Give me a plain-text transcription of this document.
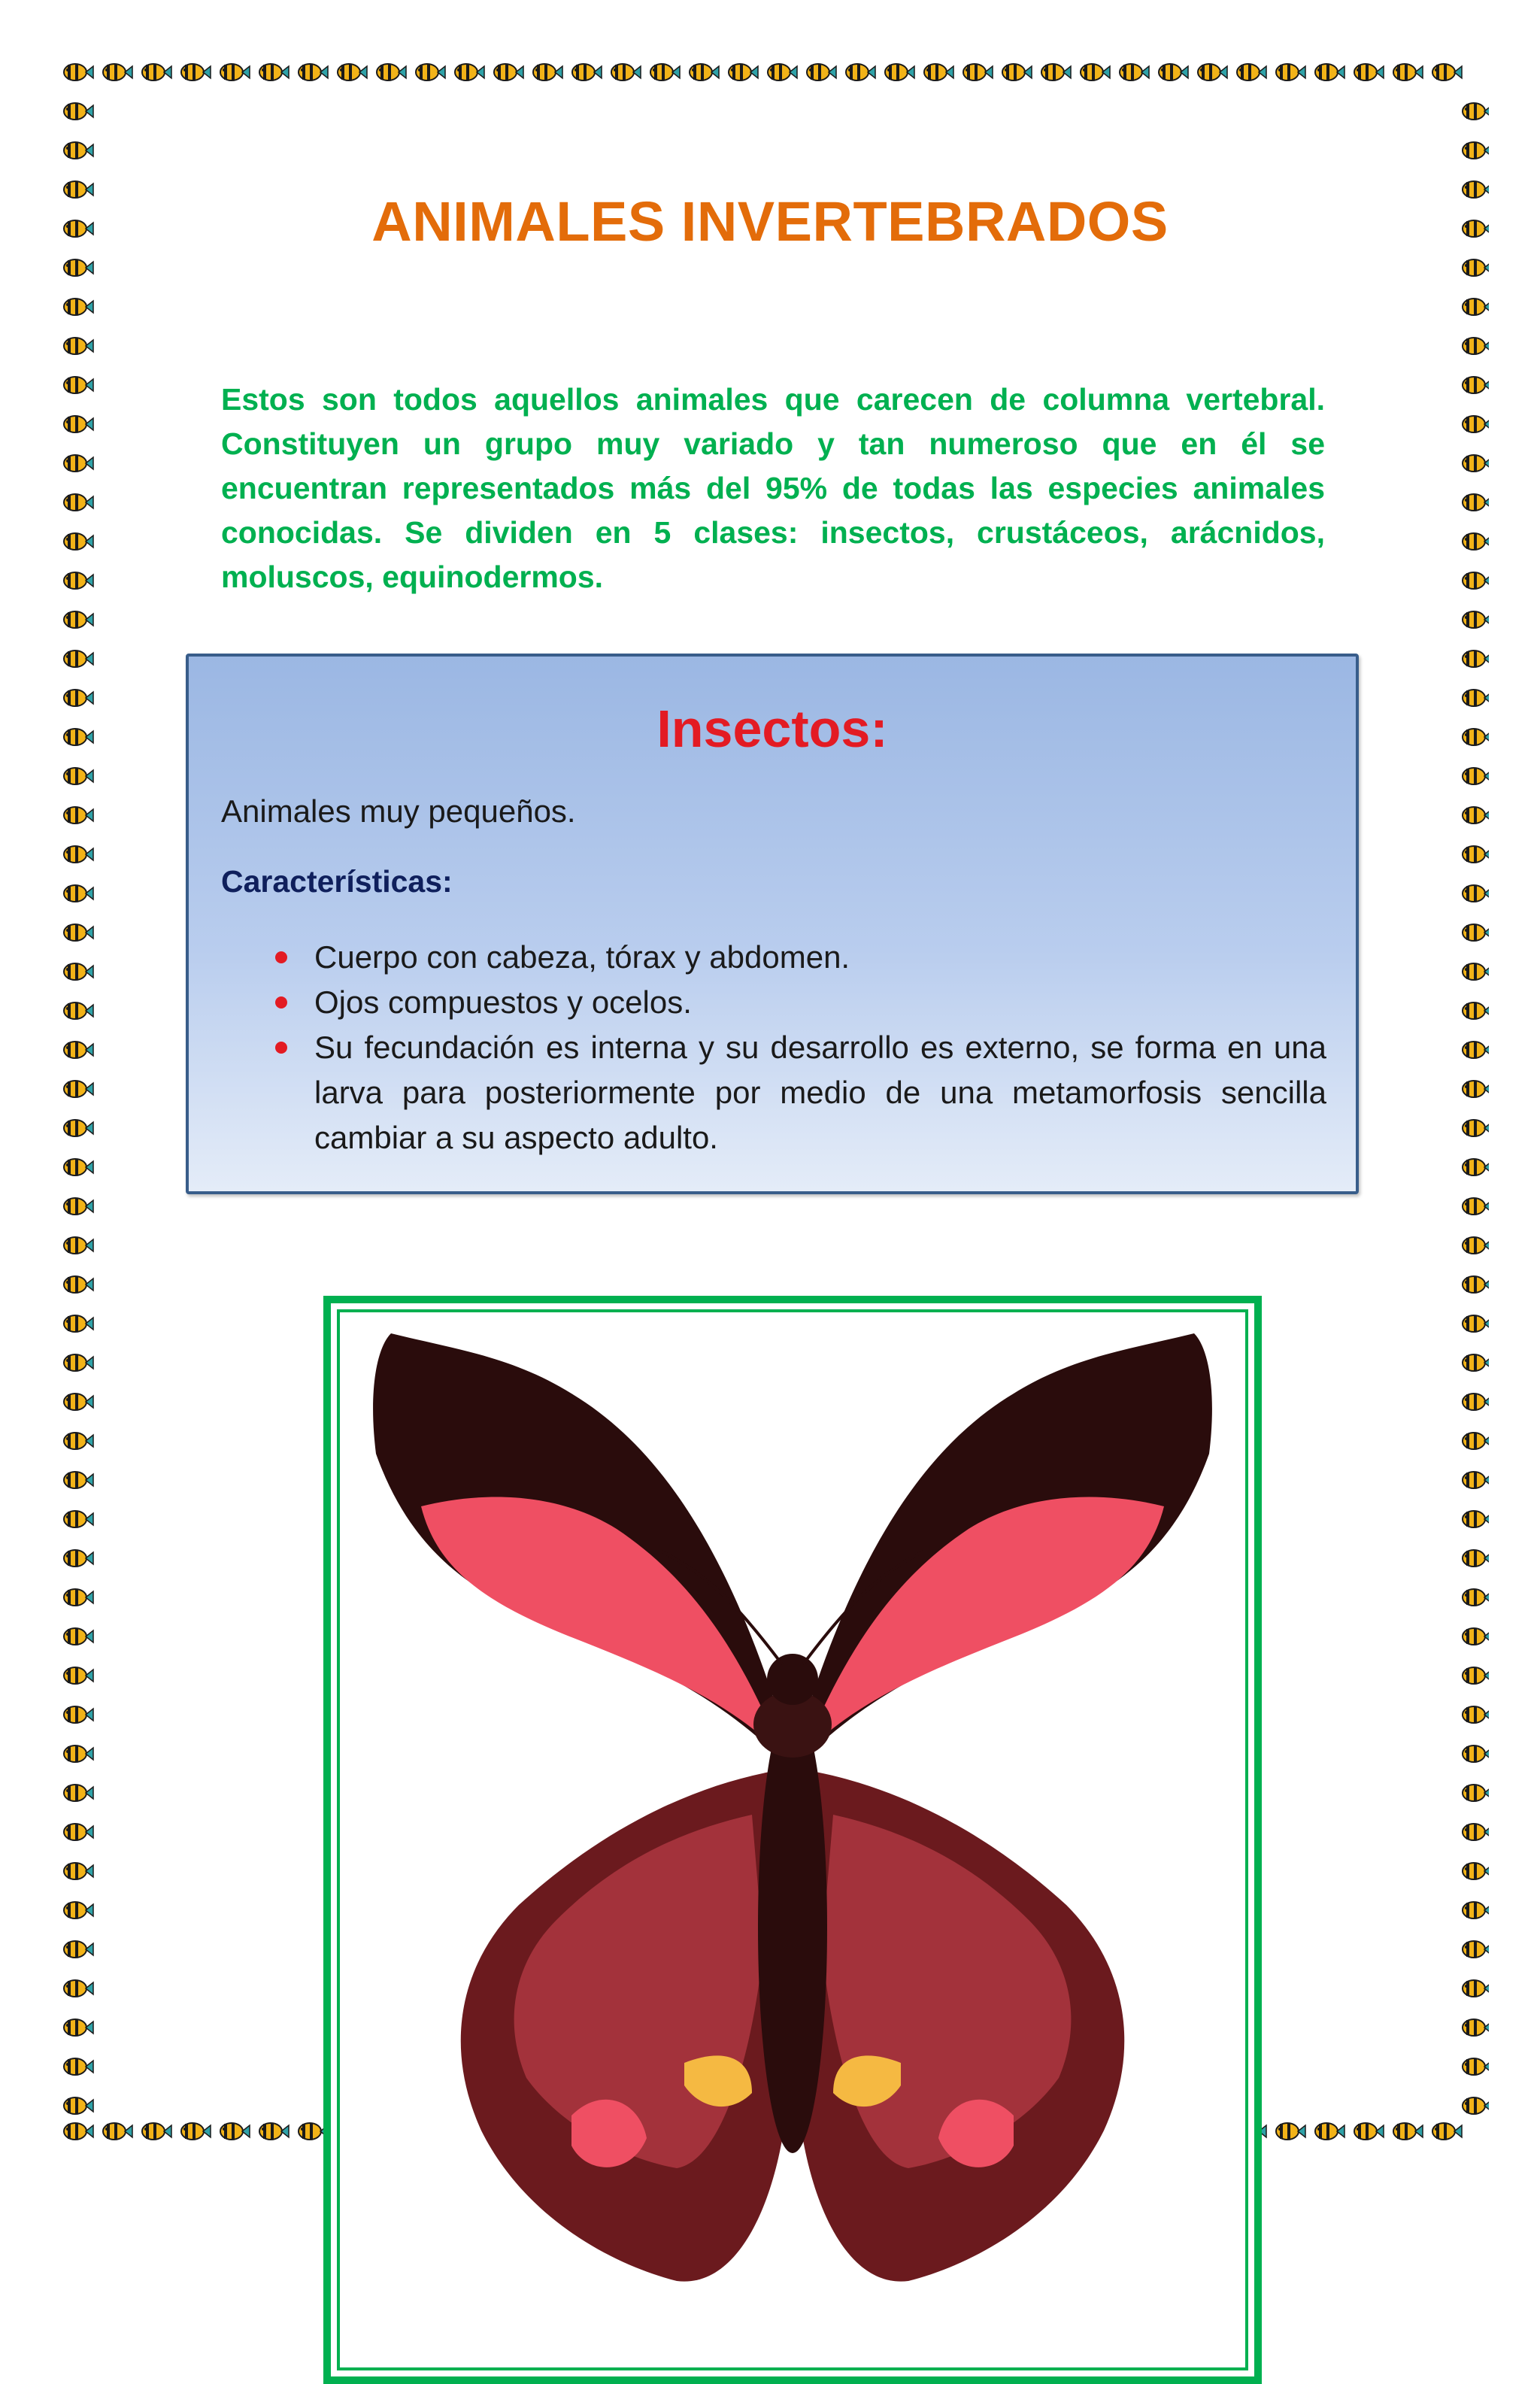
ANIMALES INVERTEBRADOS
Estos son todos aquellos animales que carecen de columna vertebral. Constituyen un grupo muy variado y tan numeroso que en él se encuentran representados más del 95% de todas las especies animales conocidas. Se dividen en 5 clases: insectos, crustáceos, arácnidos, moluscos, equinodermos.
Insectos:
Animales muy pequeños.
Características:
Cuerpo con cabeza, tórax y abdomen.
Ojos compuestos y ocelos.
Su fecundación es interna y su desarrollo es externo, se forma en una larva para posteriormente por medio de una metamorfosis sencilla cambiar a su aspecto adulto.
